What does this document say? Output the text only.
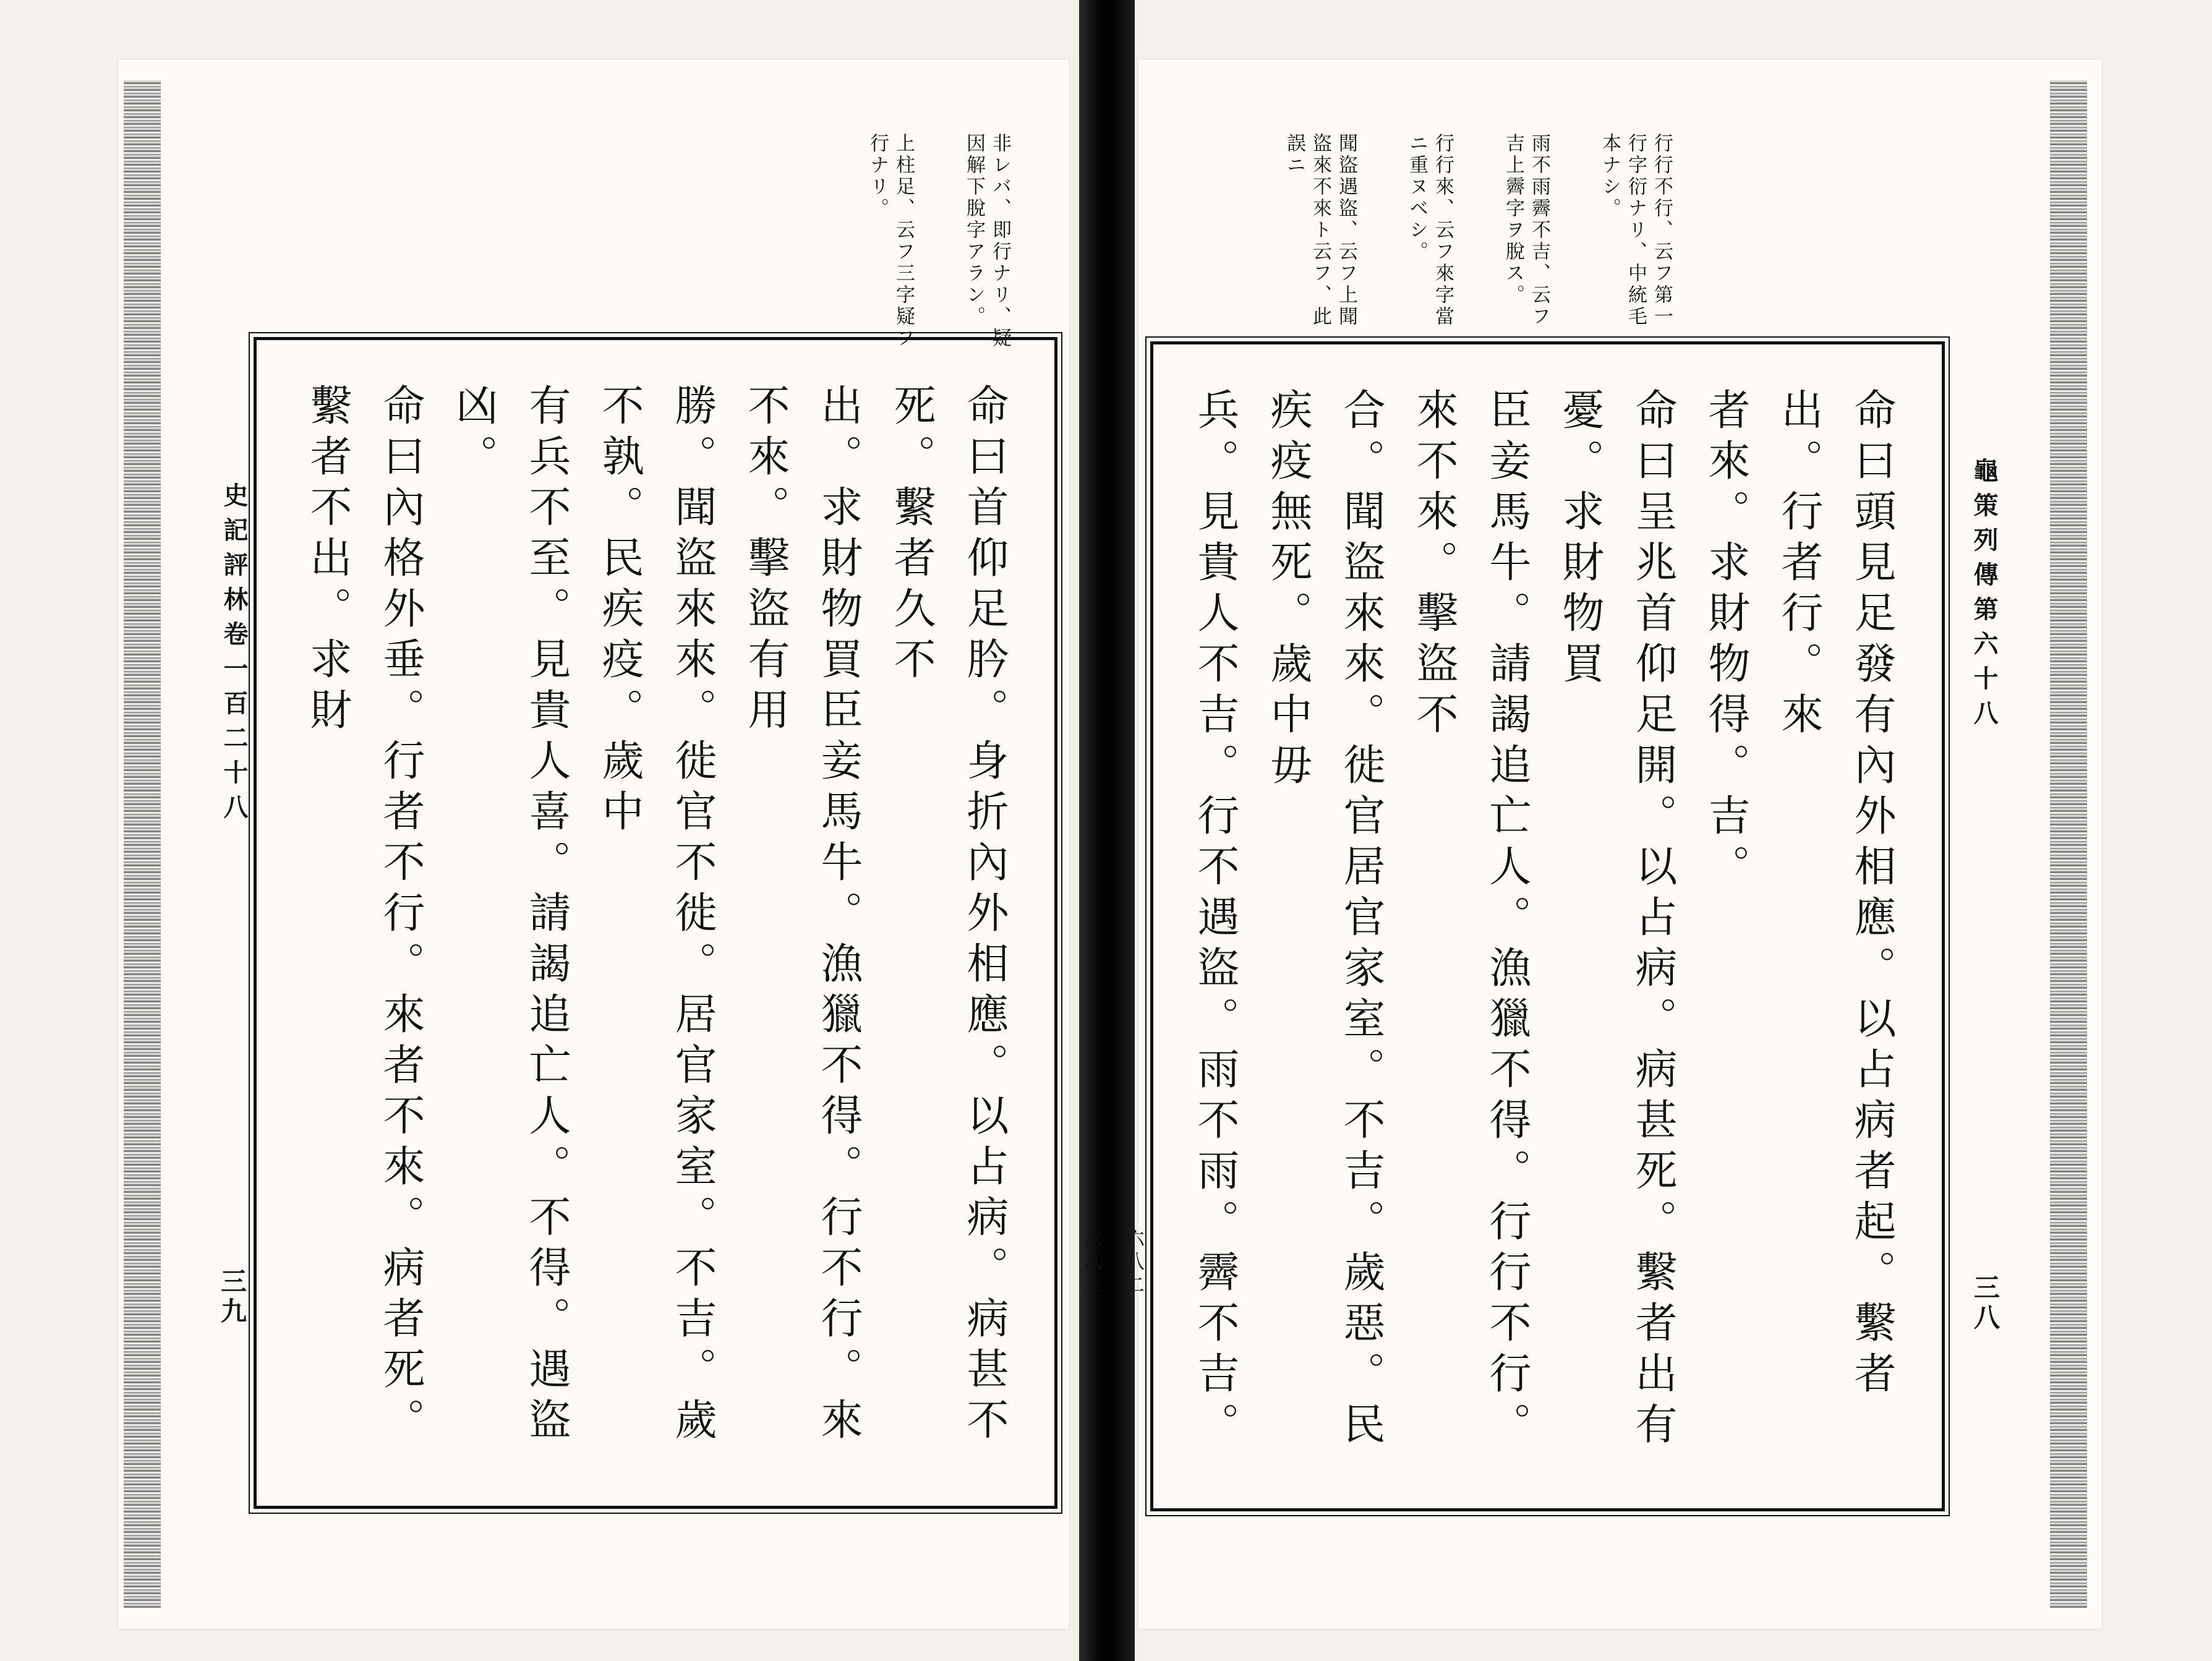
史記評林卷一百二十八
三九	六八三

非レバ、即行ナリ、疑因解下脫字アラン。

上柱足、云フ三字疑フ行ナリ。

命曰首仰足肣。身折內外相應。以占病。病甚不死。繫者久不

出。求財物買臣妾馬牛。漁獵不得。行不行。來不來。擊盜有用

勝。聞盜來來。徙官不徙。居官家室。不吉。歲不孰。民疾疫。歲中

有兵不至。見貴人喜。請謁追亡人。不得。遇盜凶。

命曰內格外垂。行者不行。來者不來。病者死。繫者不出。求財	龜策列傳第六十八
三八
六八二

行行不行、云フ第一行字衍ナリ、中統毛本ナシ。

雨不雨霽不吉、云フ吉上霽字ヲ脫ス。

行行來、云フ來字當ニ重ヌベシ。

聞盜遇盜、云フ上聞盜來不來ト云フ、此誤ニ

命曰頭見足發有內外相應。以占病者起。繫者出。行者行。來

者來。求財物得。吉。

命曰呈兆首仰足開。以占病。病甚死。繫者出有憂。求財物買

臣妾馬牛。請謁追亡人。漁獵不得。行行不行。來不來。擊盜不

合。聞盜來來。徙官居官家室。不吉。歲惡。民疾疫無死。歲中毋

兵。見貴人不吉。行不遇盜。雨不雨。霽不吉。
